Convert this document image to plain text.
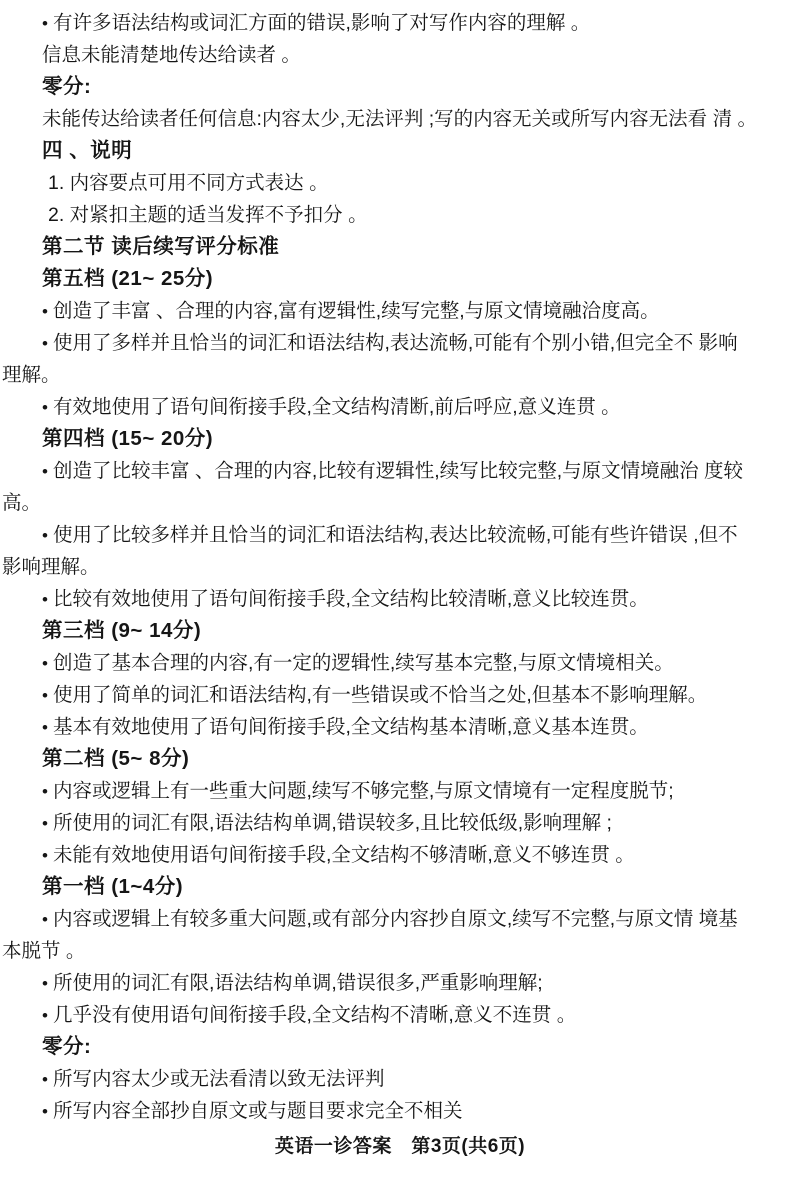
• 有许多语法结构或词汇方面的错误,影响了对写作内容的理解 。
信息未能清楚地传达给读者 。
零分:
未能传达给读者任何信息:内容太少,无法评判 ;写的内容无关或所写内容无法看 清 。
四 、说明
1. 内容要点可用不同方式表达 。
2. 对紧扣主题的适当发挥不予扣分 。
第二节 读后续写评分标准
第五档 (21~ 25分)
• 创造了丰富 、合理的内容,富有逻辑性,续写完整,与原文情境融洽度高。
• 使用了多样并且恰当的词汇和语法结构,表达流畅,可能有个别小错,但完全不 影响
理解。
• 有效地使用了语句间衔接手段,全文结构清断,前后呼应,意义连贯 。
第四档 (15~ 20分)
• 创造了比较丰富 、合理的内容,比较有逻辑性,续写比较完整,与原文情境融治 度较
高。
• 使用了比较多样并且恰当的词汇和语法结构,表达比较流畅,可能有些许错误 ,但不
影响理解。
• 比较有效地使用了语句间衔接手段,全文结构比较清晰,意义比较连贯。
第三档 (9~ 14分)
• 创造了基本合理的内容,有一定的逻辑性,续写基本完整,与原文情境相关。
• 使用了简单的词汇和语法结构,有一些错误或不恰当之处,但基本不影响理解。
• 基本有效地使用了语句间衔接手段,全文结构基本清晰,意义基本连贯。
第二档 (5~ 8分)
• 内容或逻辑上有一些重大问题,续写不够完整,与原文情境有一定程度脱节;
• 所使用的词汇有限,语法结构单调,错误较多,且比较低级,影响理解 ;
• 未能有效地使用语句间衔接手段,全文结构不够清晰,意义不够连贯 。
第一档 (1~4分)
• 内容或逻辑上有较多重大问题,或有部分内容抄自原文,续写不完整,与原文情 境基
本脱节 。
• 所使用的词汇有限,语法结构单调,错误很多,严重影响理解;
• 几乎没有使用语句间衔接手段,全文结构不清晰,意义不连贯 。
零分:
• 所写内容太少或无法看清以致无法评判
• 所写内容全部抄自原文或与题目要求完全不相关
英语一诊答案　第3页(共6页)
